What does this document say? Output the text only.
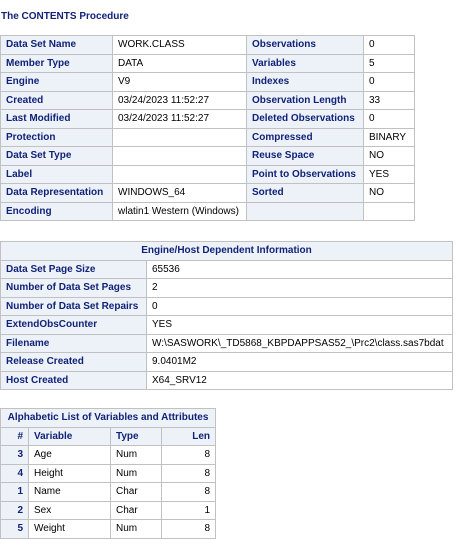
The CONTENTS Procedure
Data Set Name	WORK.CLASS	Observations	0
Member Type	DATA	Variables	5
Engine	V9	Indexes	0
Created	03/24/2023 11:52:27	Observation Length	33
Last Modified	03/24/2023 11:52:27	Deleted Observations	0
Protection		Compressed	BINARY
Data Set Type		Reuse Space	NO
Label		Point to Observations	YES
Data Representation	WINDOWS_64	Sorted	NO
Encoding	wlatin1 Western (Windows)		
Engine/Host Dependent Information	
Data Set Page Size	65536
Number of Data Set Pages	2
Number of Data Set Repairs	0
ExtendObsCounter	YES
Filename	W:\SASWORK\_TD5868_KBPDAPPSAS52_\Prc2\class.sas7bdat
Release Created	9.0401M2
Host Created	X64_SRV12
Alphabetic List of Variables and Attributes			
#	Variable	Type	Len
3	Age	Num	8
4	Height	Num	8
1	Name	Char	8
2	Sex	Char	1
5	Weight	Num	8
